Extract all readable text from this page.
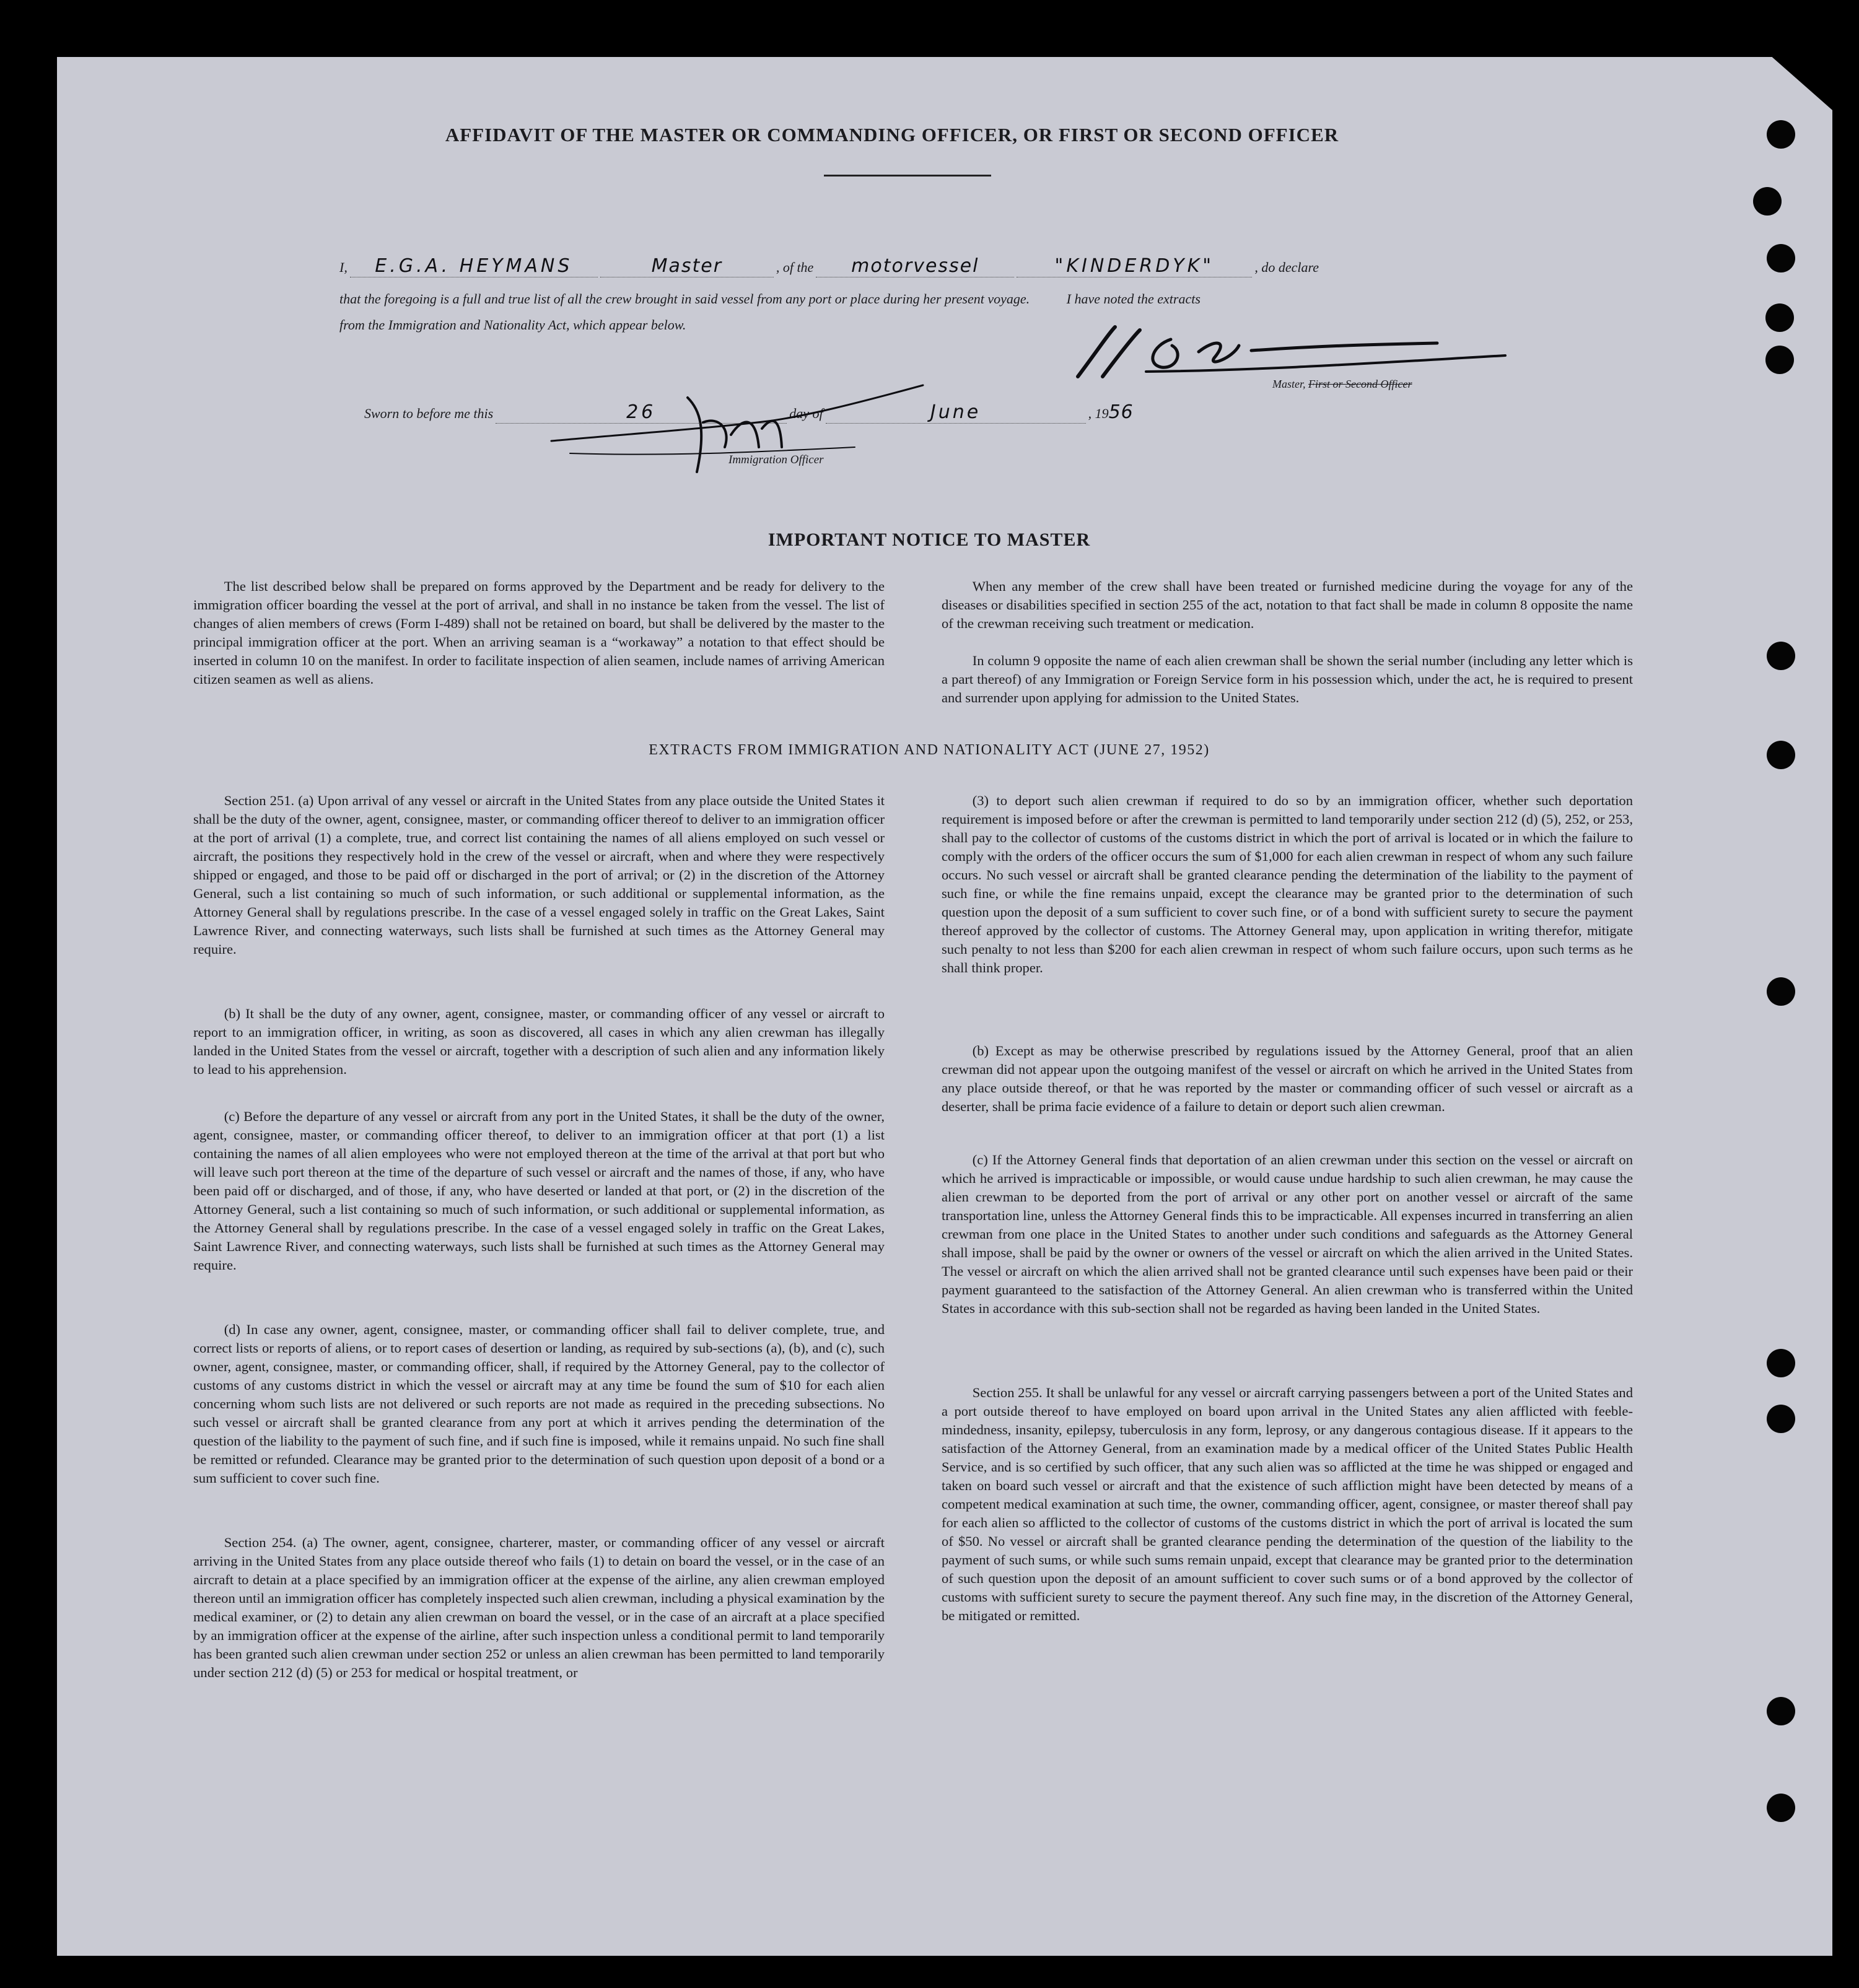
AFFIDAVIT OF THE MASTER OR COMMANDING OFFICER, OR FIRST OR SECOND OFFICER
I, E.G.A. HEYMANS	Master	, of the motorvessel	"KINDERDYK"	, do declare
that the foregoing is a full and true list of all the crew brought in said vessel from any port or place during her present voyage.	I have noted the extracts
from the Immigration and Nationality Act, which appear below.
Master, First or Second Officer
Sworn to before me this	26	day of	June	, 1956
Immigration Officer
IMPORTANT NOTICE TO MASTER

The list described below shall be prepared on forms approved by the Department and be ready for delivery to the immigration officer boarding the vessel at the port of arrival, and shall in no instance be taken from the vessel. The list of changes of alien members of crews (Form I-489) shall not be retained on board, but shall be delivered by the master to the principal immigration officer at the port. When an arriving seaman is a “workaway” a notation to that effect should be inserted in column 10 on the manifest. In order to facilitate inspection of alien seamen, include names of arriving American citizen seamen as well as aliens.

When any member of the crew shall have been treated or furnished medicine during the voyage for any of the diseases or disabilities specified in section 255 of the act, notation to that fact shall be made in column 8 opposite the name of the crewman receiving such treatment or medication.

In column 9 opposite the name of each alien crewman shall be shown the serial number (including any letter which is a part thereof) of any Immigration or Foreign Service form in his possession which, under the act, he is required to present and surrender upon applying for admission to the United States.

EXTRACTS FROM IMMIGRATION AND NATIONALITY ACT (JUNE 27, 1952)

Section 251. (a) Upon arrival of any vessel or aircraft in the United States from any place outside the United States it shall be the duty of the owner, agent, consignee, master, or commanding officer thereof to deliver to an immigration officer at the port of arrival (1) a complete, true, and correct list containing the names of all aliens employed on such vessel or aircraft, the positions they respectively hold in the crew of the vessel or aircraft, when and where they were respectively shipped or engaged, and those to be paid off or discharged in the port of arrival; or (2) in the discretion of the Attorney General, such a list containing so much of such information, or such additional or supplemental information, as the Attorney General shall by regulations prescribe. In the case of a vessel engaged solely in traffic on the Great Lakes, Saint Lawrence River, and connecting waterways, such lists shall be furnished at such times as the Attorney General may require.

(b) It shall be the duty of any owner, agent, consignee, master, or commanding officer of any vessel or aircraft to report to an immigration officer, in writing, as soon as discovered, all cases in which any alien crewman has illegally landed in the United States from the vessel or aircraft, together with a description of such alien and any information likely to lead to his apprehension.

(c) Before the departure of any vessel or aircraft from any port in the United States, it shall be the duty of the owner, agent, consignee, master, or commanding officer thereof, to deliver to an immigration officer at that port (1) a list containing the names of all alien employees who were not employed thereon at the time of the arrival at that port but who will leave such port thereon at the time of the departure of such vessel or aircraft and the names of those, if any, who have been paid off or discharged, and of those, if any, who have deserted or landed at that port, or (2) in the discretion of the Attorney General, such a list containing so much of such information, or such additional or supplemental information, as the Attorney General shall by regulations prescribe. In the case of a vessel engaged solely in traffic on the Great Lakes, Saint Lawrence River, and connecting waterways, such lists shall be furnished at such times as the Attorney General may require.

(d) In case any owner, agent, consignee, master, or commanding officer shall fail to deliver complete, true, and correct lists or reports of aliens, or to report cases of desertion or landing, as required by sub-sections (a), (b), and (c), such owner, agent, consignee, master, or commanding officer, shall, if required by the Attorney General, pay to the collector of customs of any customs district in which the vessel or aircraft may at any time be found the sum of $10 for each alien concerning whom such lists are not delivered or such reports are not made as required in the preceding subsections. No such vessel or aircraft shall be granted clearance from any port at which it arrives pending the determination of the question of the liability to the payment of such fine, and if such fine is imposed, while it remains unpaid. No such fine shall be remitted or refunded. Clearance may be granted prior to the determination of such question upon deposit of a bond or a sum sufficient to cover such fine.

Section 254. (a) The owner, agent, consignee, charterer, master, or commanding officer of any vessel or aircraft arriving in the United States from any place outside thereof who fails (1) to detain on board the vessel, or in the case of an aircraft to detain at a place specified by an immigration officer at the expense of the airline, any alien crewman employed thereon until an immigration officer has completely inspected such alien crewman, including a physical examination by the medical examiner, or (2) to detain any alien crewman on board the vessel, or in the case of an aircraft at a place specified by an immigration officer at the expense of the airline, after such inspection unless a conditional permit to land temporarily has been granted such alien crewman under section 252 or unless an alien crewman has been permitted to land temporarily under section 212 (d) (5) or 253 for medical or hospital treatment, or

(3) to deport such alien crewman if required to do so by an immigration officer, whether such deportation requirement is imposed before or after the crewman is permitted to land temporarily under section 212 (d) (5), 252, or 253, shall pay to the collector of customs of the customs district in which the port of arrival is located or in which the failure to comply with the orders of the officer occurs the sum of $1,000 for each alien crewman in respect of whom any such failure occurs. No such vessel or aircraft shall be granted clearance pending the determination of the liability to the payment of such fine, or while the fine remains unpaid, except the clearance may be granted prior to the determination of such question upon the deposit of a sum sufficient to cover such fine, or of a bond with sufficient surety to secure the payment thereof approved by the collector of customs. The Attorney General may, upon application in writing therefor, mitigate such penalty to not less than $200 for each alien crewman in respect of whom such failure occurs, upon such terms as he shall think proper.

(b) Except as may be otherwise prescribed by regulations issued by the Attorney General, proof that an alien crewman did not appear upon the outgoing manifest of the vessel or aircraft on which he arrived in the United States from any place outside thereof, or that he was reported by the master or commanding officer of such vessel or aircraft as a deserter, shall be prima facie evidence of a failure to detain or deport such alien crewman.

(c) If the Attorney General finds that deportation of an alien crewman under this section on the vessel or aircraft on which he arrived is impracticable or impossible, or would cause undue hardship to such alien crewman, he may cause the alien crewman to be deported from the port of arrival or any other port on another vessel or aircraft of the same transportation line, unless the Attorney General finds this to be impracticable. All expenses incurred in transferring an alien crewman from one place in the United States to another under such conditions and safeguards as the Attorney General shall impose, shall be paid by the owner or owners of the vessel or aircraft on which the alien arrived in the United States. The vessel or aircraft on which the alien arrived shall not be granted clearance until such expenses have been paid or their payment guaranteed to the satisfaction of the Attorney General. An alien crewman who is transferred within the United States in accordance with this sub-section shall not be regarded as having been landed in the United States.

Section 255. It shall be unlawful for any vessel or aircraft carrying passengers between a port of the United States and a port outside thereof to have employed on board upon arrival in the United States any alien afflicted with feeble-mindedness, insanity, epilepsy, tuberculosis in any form, leprosy, or any dangerous contagious disease. If it appears to the satisfaction of the Attorney General, from an examination made by a medical officer of the United States Public Health Service, and is so certified by such officer, that any such alien was so afflicted at the time he was shipped or engaged and taken on board such vessel or aircraft and that the existence of such affliction might have been detected by means of a competent medical examination at such time, the owner, commanding officer, agent, consignee, or master thereof shall pay for each alien so afflicted to the collector of customs of the customs district in which the port of arrival is located the sum of $50. No vessel or aircraft shall be granted clearance pending the determination of the question of the liability to the payment of such sums, or while such sums remain unpaid, except that clearance may be granted prior to the determination of such question upon the deposit of an amount sufficient to cover such sums or of a bond approved by the collector of customs with sufficient surety to secure the payment thereof. Any such fine may, in the discretion of the Attorney General, be mitigated or remitted.
